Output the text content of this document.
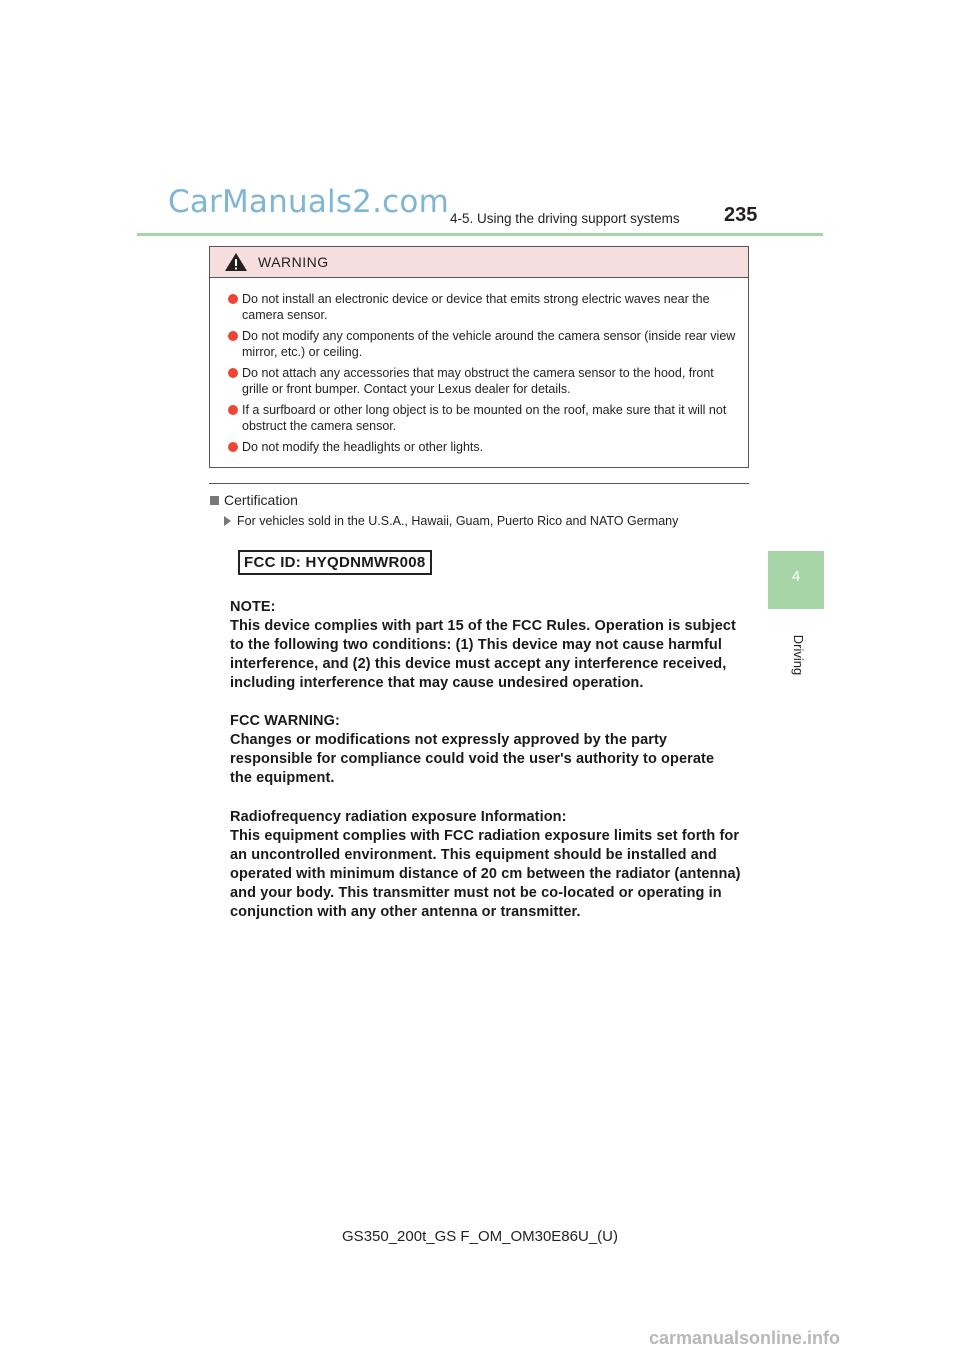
CarManuals2.com 4-5. Using the driving support systems 235
4
Driving
WARNING
Do not install an electronic device or device that emits strong electric waves near the camera sensor.
Do not modify any components of the vehicle around the camera sensor (inside rear view mirror, etc.) or ceiling.
Do not attach any accessories that may obstruct the camera sensor to the hood, front grille or front bumper. Contact your Lexus dealer for details.
If a surfboard or other long object is to be mounted on the roof, make sure that it will not obstruct the camera sensor.
Do not modify the headlights or other lights.
Certification
For vehicles sold in the U.S.A., Hawaii, Guam, Puerto Rico and NATO Germany
FCC ID: HYQDNMWR008
NOTE:
This device complies with part 15 of the FCC Rules. Operation is subject
to the following two conditions: (1) This device may not cause harmful
interference, and (2) this device must accept any interference received,
including interference that may cause undesired operation.
FCC WARNING:
Changes or modifications not expressly approved by the party
responsible for compliance could void the user's authority to operate
the equipment.
Radiofrequency radiation exposure Information:
This equipment complies with FCC radiation exposure limits set forth for
an uncontrolled environment. This equipment should be installed and
operated with minimum distance of 20 cm between the radiator (antenna)
and your body. This transmitter must not be co-located or operating in
conjunction with any other antenna or transmitter.
GS350_200t_GS F_OM_OM30E86U_(U)
carmanualsonline.info
